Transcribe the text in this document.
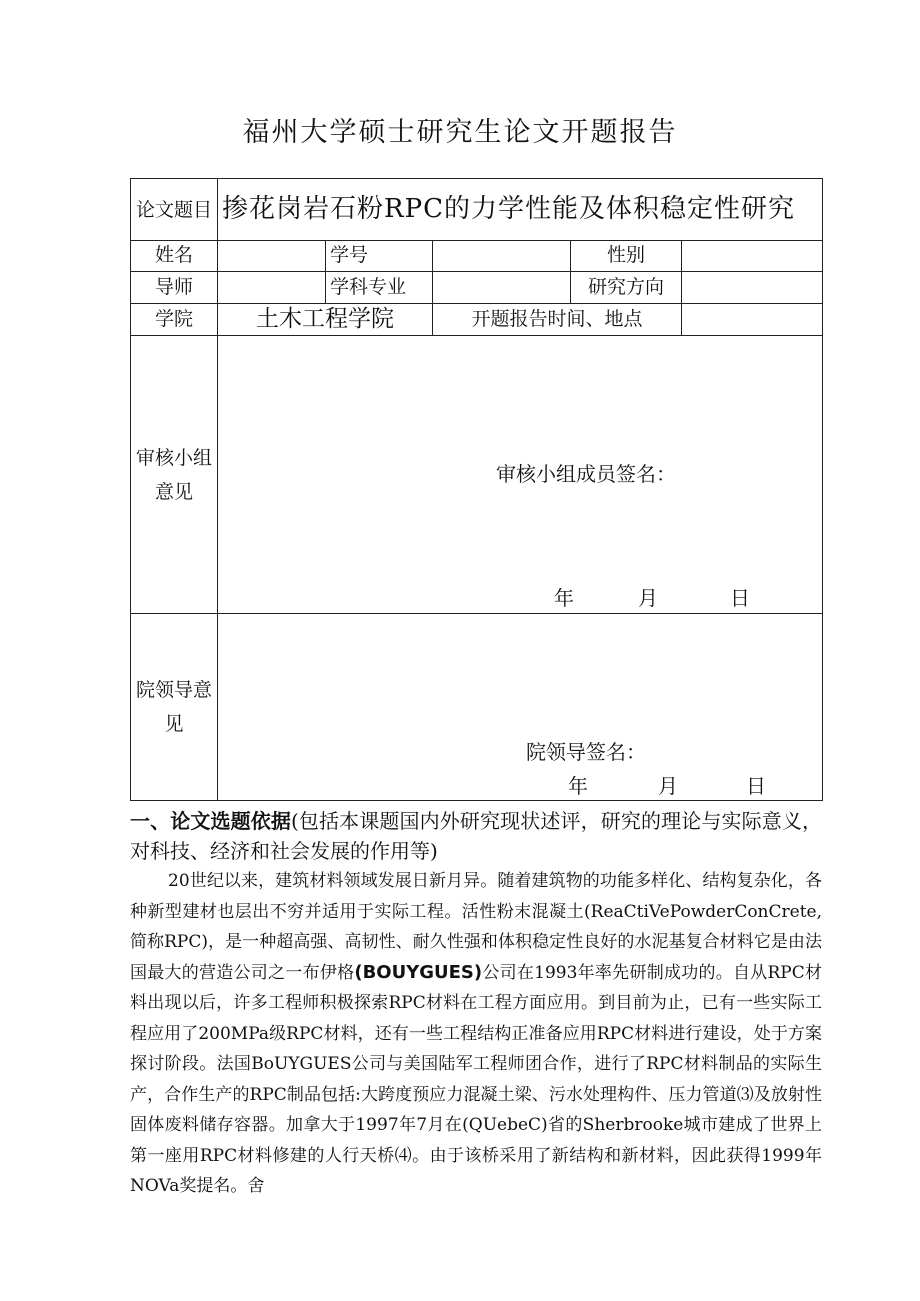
福州大学硕士研究生论文开题报告
论文题目	掺花岗岩石粉RPC的力学性能及体积稳定性研究				
姓名		学号		性别	
导师		学科专业		研究方向	
学院	土木工程学院		开题报告时间、地点		
审核小组意见	审核小组成员签名：
年 月 日				

院领导意见	院领导签名：
年 月 日				

一、论文选题依据(包括本课题国内外研究现状述评，研究的理论与实际意义，对科技、经济和社会发展的作用等)

20世纪以来，建筑材料领域发展日新月异。随着建筑物的功能多样化、结构复杂化，各种新型建材也层出不穷并适用于实际工程。活性粉末混凝土(ReaCtiVePowderConCrete,简称RPC)，是一种超高强、高韧性、耐久性强和体积稳定性良好的水泥基复合材料它是由法国最大的营造公司之一布伊格(BOUYGUES)公司在1993年率先研制成功的。自从RPC材料出现以后，许多工程师积极探索RPC材料在工程方面应用。到目前为止，已有一些实际工程应用了200MPa级RPC材料，还有一些工程结构正准备应用RPC材料进行建设，处于方案探讨阶段。法国BoUYGUES公司与美国陆军工程师团合作，进行了RPC材料制品的实际生产，合作生产的RPC制品包括:大跨度预应力混凝土梁、污水处理构件、压力管道⑶及放射性固体废料储存容器。加拿大于1997年7月在(QUebeC)省的Sherbrooke城市建成了世界上第一座用RPC材料修建的人行天桥⑷。由于该桥采用了新结构和新材料，因此获得1999年NOVa奖提名。舍
